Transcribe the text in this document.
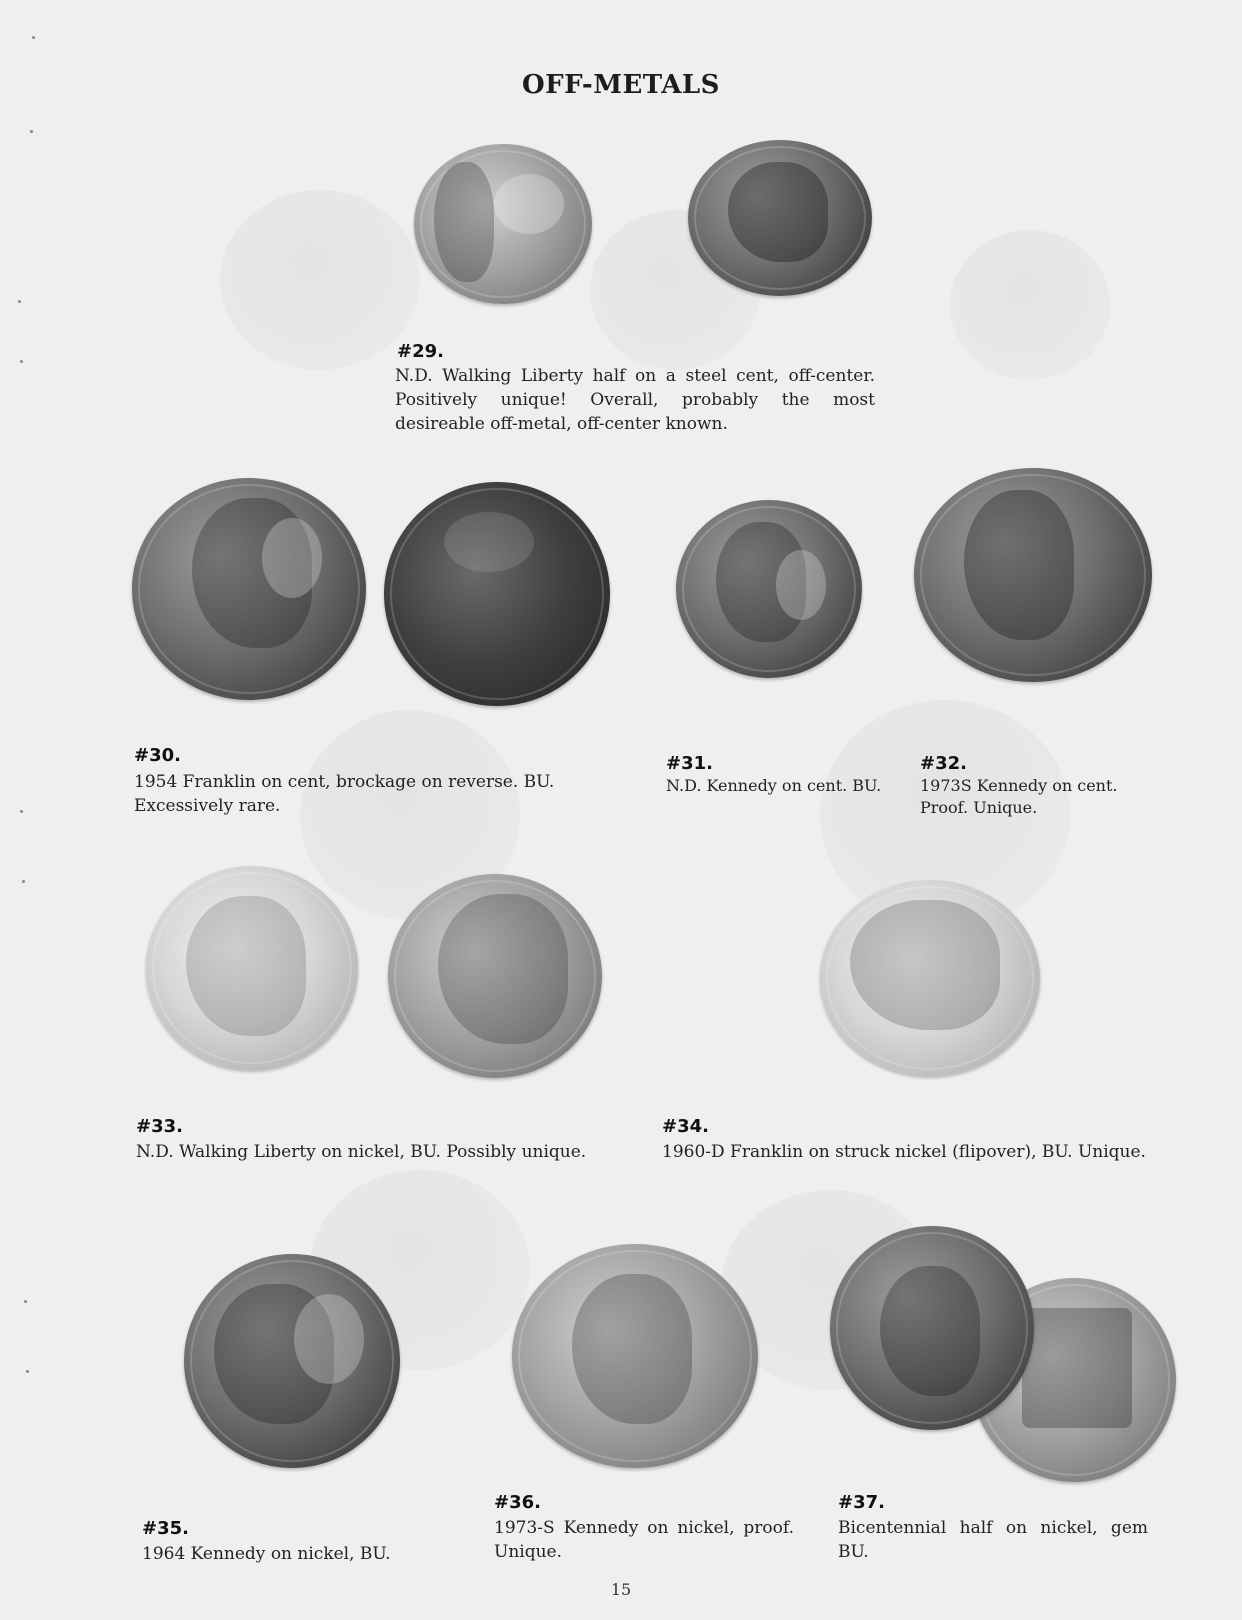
OFF-METALS
#29.
N.D. Walking Liberty half on a steel cent, off-center. Positively unique! Overall, probably the most desireable off-metal, off-center known.
#30.
1954 Franklin on cent, brockage on reverse. BU. Excessively rare.
#31.
N.D. Kennedy on cent. BU.
#32.
1973S Kennedy on cent. Proof. Unique.
#33.
N.D. Walking Liberty on nickel, BU. Possibly unique.
#34.
1960-D Franklin on struck nickel (flipover), BU. Unique.
#36.	#37.
#35.
1964 Kennedy on nickel, BU.
1973-S Kennedy on nickel, proof. Unique.
Bicentennial half on nickel, gem BU.
15
